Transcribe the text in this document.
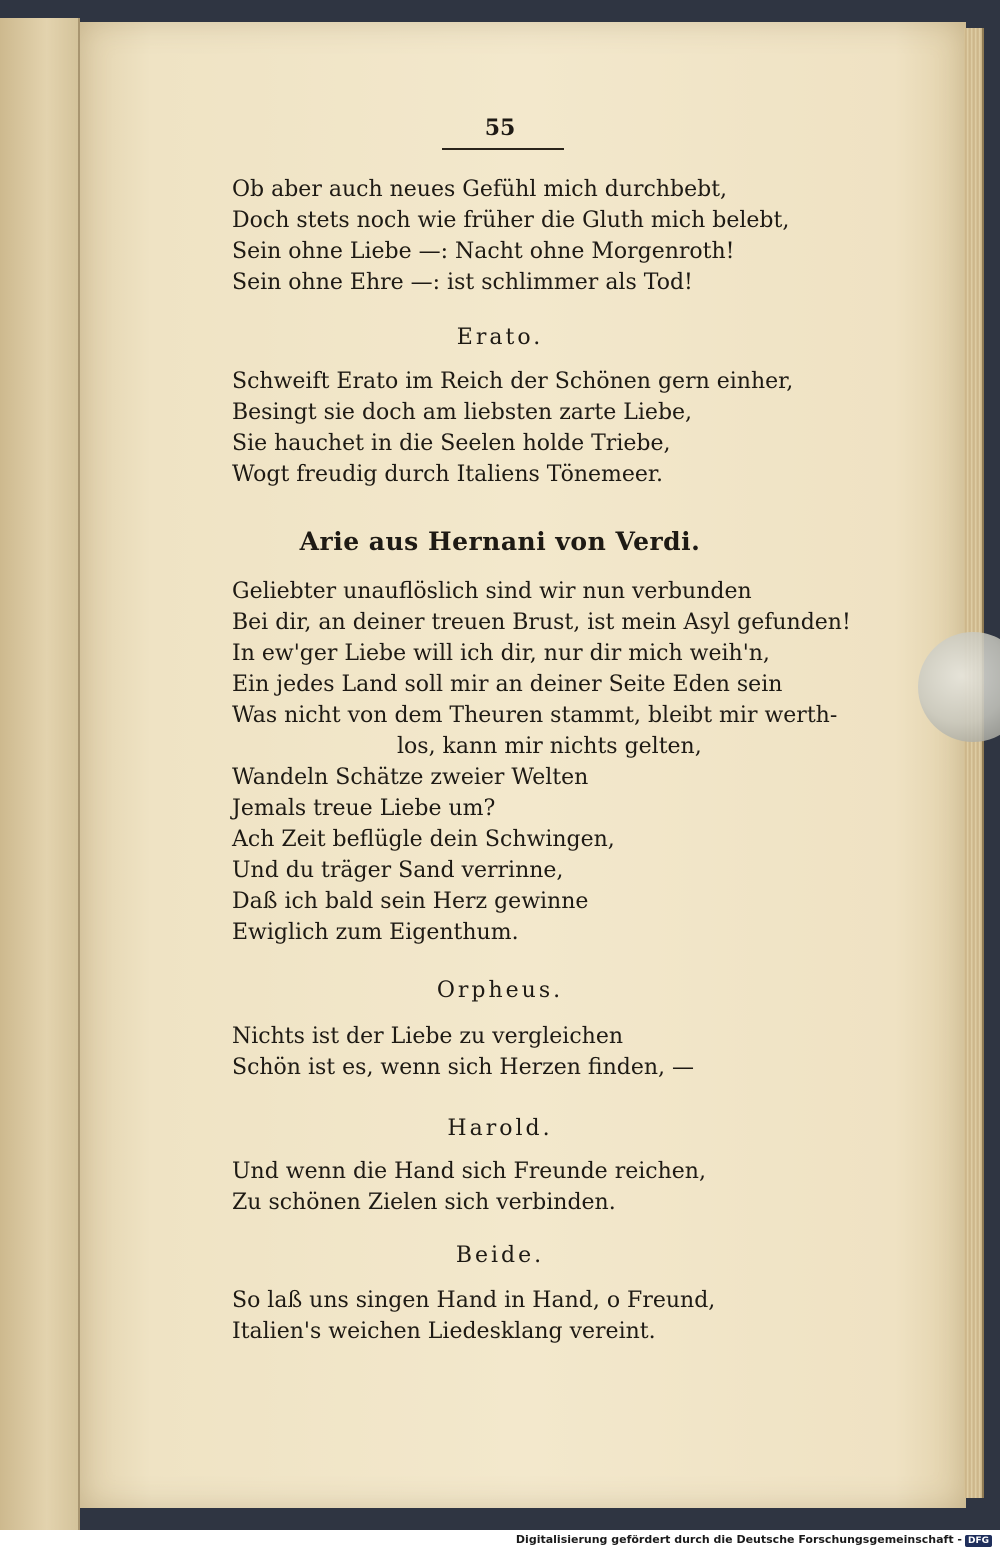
55
Ob aber auch neues Gefühl mich durchbebt,
Doch stets noch wie früher die Gluth mich belebt,
Sein ohne Liebe —: Nacht ohne Morgenroth!
Sein ohne Ehre —: ist schlimmer als Tod!
Erato.
Schweift Erato im Reich der Schönen gern einher,
Besingt sie doch am liebsten zarte Liebe,
Sie hauchet in die Seelen holde Triebe,
Wogt freudig durch Italiens Tönemeer.
Arie aus Hernani von Verdi.
Geliebter unauflöslich sind wir nun verbunden
Bei dir, an deiner treuen Brust, ist mein Asyl gefunden!
In ew'ger Liebe will ich dir, nur dir mich weih'n,
Ein jedes Land soll mir an deiner Seite Eden sein
Was nicht von dem Theuren stammt, bleibt mir werth-
los, kann mir nichts gelten,
Wandeln Schätze zweier Welten
Jemals treue Liebe um?
Ach Zeit beflügle dein Schwingen,
Und du träger Sand verrinne,
Daß ich bald sein Herz gewinne
Ewiglich zum Eigenthum.
Orpheus.
Nichts ist der Liebe zu vergleichen
Schön ist es, wenn sich Herzen finden, —
Harold.
Und wenn die Hand sich Freunde reichen,
Zu schönen Zielen sich verbinden.
Beide.
So laß uns singen Hand in Hand, o Freund,
Italien's weichen Liedesklang vereint.
Digitalisierung gefördert durch die Deutsche Forschungsgemeinschaft - DFG
